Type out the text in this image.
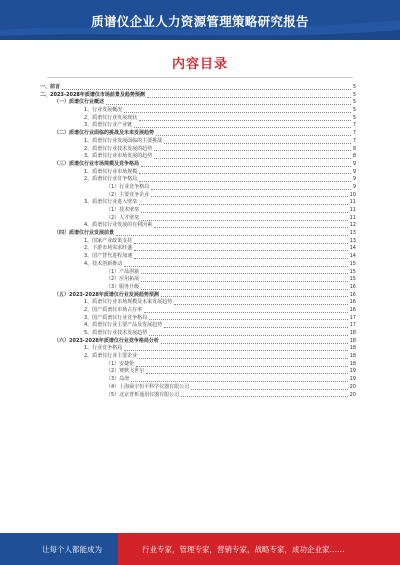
质谱仪企业人力资源管理策略研究报告
内容目录
一、前言	5
二、2023-2028年质谱仪市场前景及趋势预测	5
（一）质谱仪行业概述	5
1、行业发展概况	5
2、质谱仪行业发展现状	5
3、质谱仪行业产业链	7
（二）质谱仪行业面临的挑战及未来发展趋势	7
1、质谱仪行业发展面临的主要挑战	7
2、质谱仪行业技术发展的趋势	8
3、质谱仪行业市场发展的趋势	8
（三）质谱仪行业市场规模及竞争格局	9
1、质谱仪行业市场规模	9
2、质谱仪行业竞争格局	9
（1）行业竞争格局	9
（2）主要竞争企业	10
3、质谱仪行业进入壁垒	11
（1）技术壁垒	11
（2）人才壁垒	11
4、质谱仪行业发展的有利因素	12
（四）质谱仪行业发展前景	13
1、国家产业政策支持	13
2、下游市场需求旺盛	14
3、国产替代进程加速	14
4、技术创新推动	15
（1）产品创新	15
（2）应用拓展	15
（3）服务升级	16
（五）2023-2028年质谱仪行业发展趋势预测	16
1、质谱仪行业市场规模及未来发展趋势	16
2、国产质谱仪市场占有率	16
3、国产质谱仪行业竞争格局	17
4、质谱仪行业主要产品及发展趋势	17
5、质谱仪行业技术发展趋势	18
（六）2023-2028年质谱仪行业竞争格局分析	18
1、行业竞争格局	18
2、质谱仪行业主要企业	18
（1）安捷伦	18
（2）赛默飞世尔	19
（3）岛津	19
（4）上海舜宇恒平科学仪器有限公司	20
（5）北京普析通用仪器有限公司	20
让每个人都能成为	行业专家，管理专家，营销专家，战略专家，成功企业家……
